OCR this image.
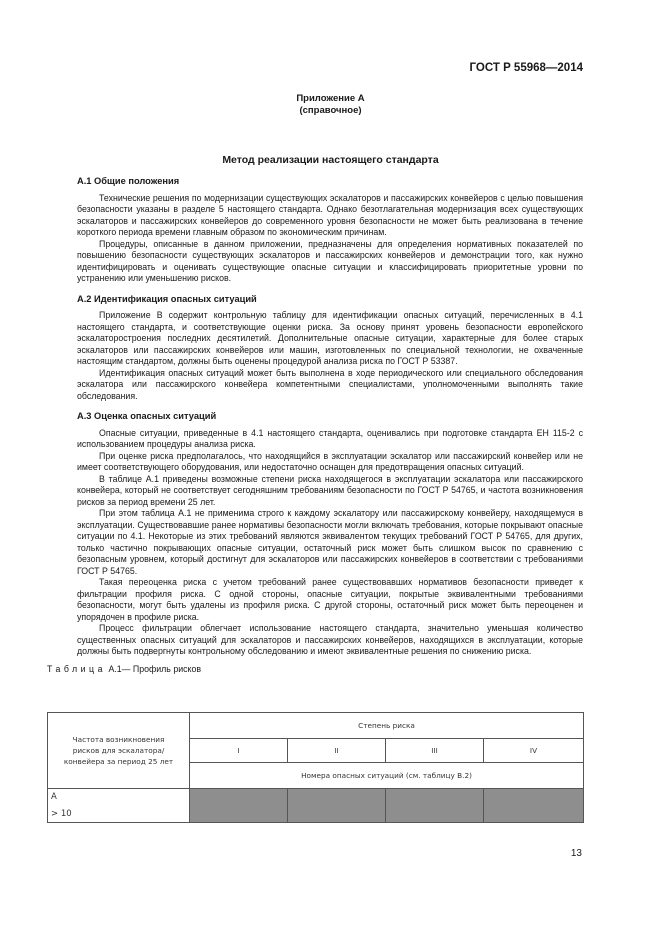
ГОСТ Р 55968—2014
Приложение А
(справочное)
Метод реализации настоящего стандарта
А.1 Общие положения

Технические решения по модернизации существующих эскалаторов и пассажирских конвейеров с целью повышения безопасности указаны в разделе 5 настоящего стандарта. Однако безотлагательная модернизация всех существующих эскалаторов и пассажирских конвейеров до современного уровня безопасности не может быть реализована в течение короткого периода времени главным образом по экономическим причинам.

Процедуры, описанные в данном приложении, предназначены для определения нормативных показателей по повышению безопасности существующих эскалаторов и пассажирских конвейеров и демонстрации того, как нужно идентифицировать и оценивать существующие опасные ситуации и классифицировать приоритетные уровни по устранению или уменьшению рисков.

А.2 Идентификация опасных ситуаций

Приложение В содержит контрольную таблицу для идентификации опасных ситуаций, перечисленных в 4.1 настоящего стандарта, и соответствующие оценки риска. За основу принят уровень безопасности европейского эскалаторостроения последних десятилетий. Дополнительные опасные ситуации, характерные для более старых эскалаторов или пассажирских конвейеров или машин, изготовленных по специальной технологии, не охваченные настоящим стандартом, должны быть оценены процедурой анализа риска по ГОСТ Р 53387.

Идентификация опасных ситуаций может быть выполнена в ходе периодического или специального обследования эскалатора или пассажирского конвейера компетентными специалистами, уполномоченными выполнять такие обследования.

А.3 Оценка опасных ситуаций

Опасные ситуации, приведенные в 4.1 настоящего стандарта, оценивались при подготовке стандарта ЕН 115-2 с использованием процедуры анализа риска.

При оценке риска предполагалось, что находящийся в эксплуатации эскалатор или пассажирский конвейер или не имеет соответствующего оборудования, или недостаточно оснащен для предотвращения опасных ситуаций.

В таблице А.1 приведены возможные степени риска находящегося в эксплуатации эскалатора или пассажирского конвейера, который не соответствует сегодняшним требованиям безопасности по ГОСТ Р 54765, и частота возникновения рисков за период времени 25 лет.

При этом таблица А.1 не применима строго к каждому эскалатору или пассажирскому конвейеру, находящемуся в эксплуатации. Существовавшие ранее нормативы безопасности могли включать требования, которые покрывают опасные ситуации по 4.1. Некоторые из этих требований являются эквивалентом текущих требований ГОСТ Р 54765, для других, только частично покрывающих опасные ситуации, остаточный риск может быть слишком высок по сравнению с безопасным уровнем, который достигнут для эскалаторов или пассажирских конвейеров в соответствии с требованиями ГОСТ Р 54765.

Такая переоценка риска с учетом требований ранее существовавших нормативов безопасности приведет к фильтрации профиля риска. С одной стороны, опасные ситуации, покрытые эквивалентными требованиями безопасности, могут быть удалены из профиля риска. С другой стороны, остаточный риск может быть переоценен и упорядочен в профиле риска.

Процесс фильтрации облегчает использование настоящего стандарта, значительно уменьшая количество существенных опасных ситуаций для эскалаторов и пассажирских конвейеров, находящихся в эксплуатации, которые должны быть подвергнуты контрольному обследованию и имеют эквивалентные решения по снижению риска.

Таблица А.1— Профиль рисков
Частота возникновения рисков для эскалатора/конвейера за период 25 лет	Степень риска			
	I	II	III	IV
	Номера опасных ситуаций (см. таблицу В.2)			

А
> 10				

13
